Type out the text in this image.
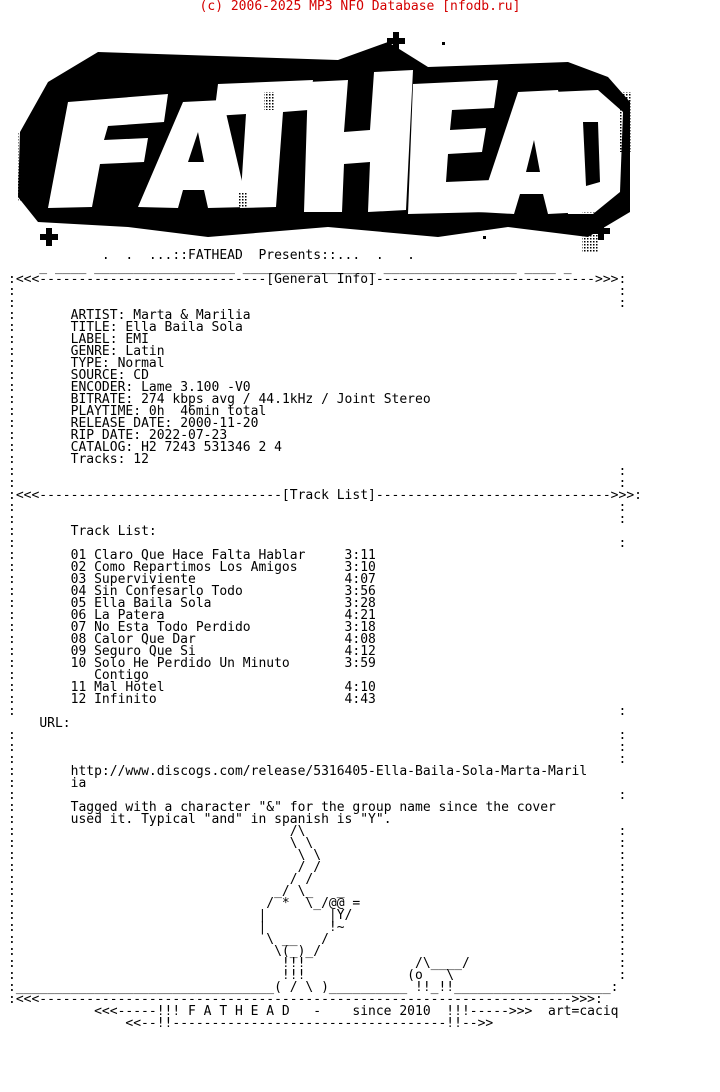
(c) 2006-2025 MP3 NFO Database [nfodb.ru]
.  .  ...::FATHEAD  Presents::...  .   .
_ ____ __________________ _________________ _________________ ____ _
:<<<-----------------------------[General Info]---------------------------->>>:
:                                                                             :
:                                                                             :
:	ARTIST: Marta & Marilia
:	TITLE: Ella Baila Sola
:	LABEL: EMI
:	GENRE: Latin
:	TYPE: Normal
:	SOURCE: CD
:	ENCODER: Lame 3.100 -V0
:	BITRATE: 274 kbps avg / 44.1kHz / Joint Stereo
:	PLAYTIME: 0h  46min total
:	RELEASE DATE: 2000-11-20
:	RIP DATE: 2022-07-23
:	CATALOG: H2 7243 531346 2 4
:	Tracks: 12
:                                                                             :
:                                                                             :
:<<<-------------------------------[Track List]------------------------------>>>:
:                                                                             :
:                                                                             :
:	Track List:
:                                                                             :
:       01 Claro Que Hace Falta Hablar     3:11
:       02 Como Repartimos Los Amigos      3:10
:       03 Superviviente                   4:07
:       04 Sin Confesarlo Todo             3:56
:       05 Ella Baila Sola                 3:28
:       06 La Patera                       4:21
:       07 No Esta Todo Perdido            3:18
:       08 Calor Que Dar                   4:08
:       09 Seguro Que Si                   4:12
:       10 Solo He Perdido Un Minuto       3:59
:          Contigo
:       11 Mal Hotel                       4:10
:       12 Infinito                        4:43
:                                                                             :
URL:
:                                                                             :
:                                                                             :
:                                                                             :
:	http://www.discogs.com/release/5316405-Ella-Baila-Sola-Marta-Maril
:	ia
:                                                                             :
:	Tagged with a character "&" for the group name since the cover
:	used it. Typical "and" in spanish is "Y".
:                                   /\                                        :
:                                   \ \                                       :
:                                    \ \                                      :
:                                    / /                                      :
:                                   / /                                       :
:                                 _/ \_   _                                   :
:                                / *  \_/@@ =                                 :
:                               |        |Y/                                  :
:                               |        !~                                   :
:                                \ __   /                                     :
:                                 \(_)_/                                      :
:                                  !!!              /\____/                   :
:                                  !!!             (o   \                     :
:_________________________________( / \ )__________ !!_!!____________________:
:<<<-------------------------------------------------------------------->>>:
<<<-----!!! F A T H E A D   -    since 2010  !!!----->>> art=caciq
<<--!!-----------------------------------!!-->>
